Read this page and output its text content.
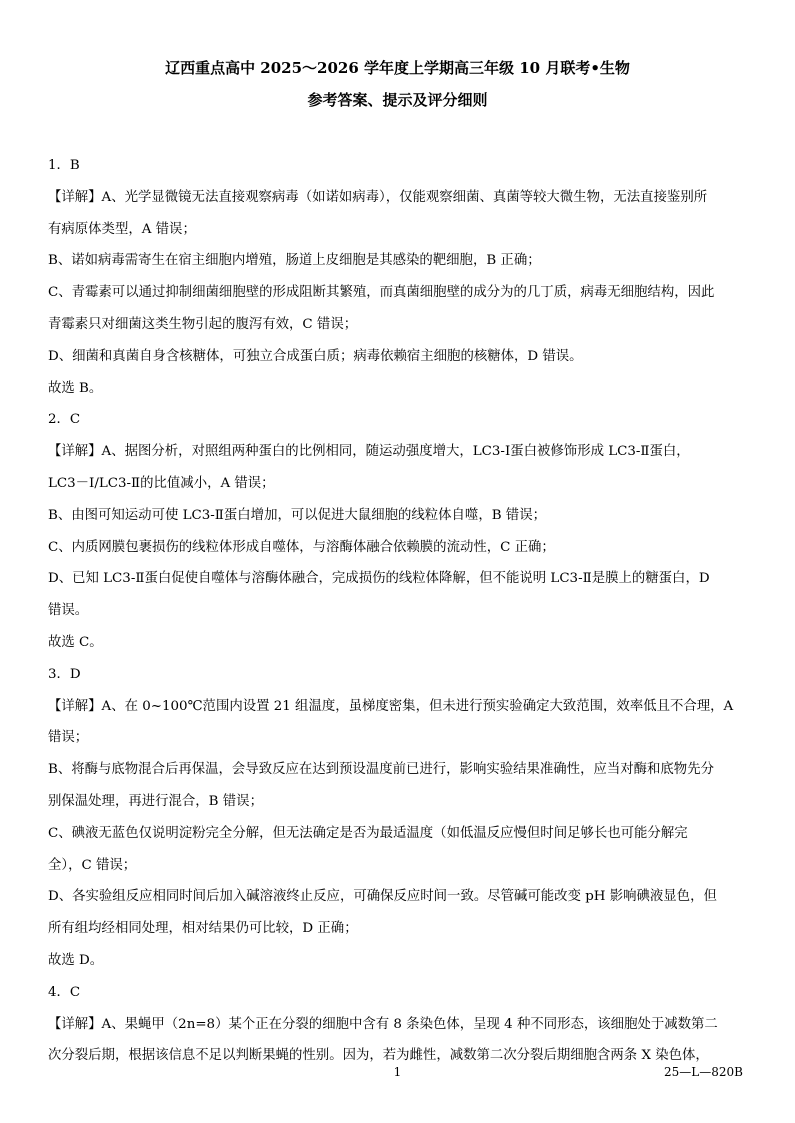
辽西重点高中 2025～2026 学年度上学期高三年级 10 月联考•生物
参考答案、提示及评分细则
1．B
【详解】A、光学显微镜无法直接观察病毒（如诺如病毒），仅能观察细菌、真菌等较大微生物，无法直接鉴别所
有病原体类型，A 错误；
B、诺如病毒需寄生在宿主细胞内增殖，肠道上皮细胞是其感染的靶细胞，B 正确；
C、青霉素可以通过抑制细菌细胞壁的形成阻断其繁殖，而真菌细胞壁的成分为的几丁质，病毒无细胞结构，因此
青霉素只对细菌这类生物引起的腹泻有效，C 错误；
D、细菌和真菌自身含核糖体，可独立合成蛋白质；病毒依赖宿主细胞的核糖体，D 错误。
故选 B。
2．C
【详解】A、据图分析，对照组两种蛋白的比例相同，随运动强度增大，LC3-Ⅰ蛋白被修饰形成 LC3-Ⅱ蛋白，
LC3－Ⅰ/LC3-Ⅱ的比值减小，A 错误；
B、由图可知运动可使 LC3-Ⅱ蛋白增加，可以促进大鼠细胞的线粒体自噬，B 错误；
C、内质网膜包裹损伤的线粒体形成自噬体，与溶酶体融合依赖膜的流动性，C 正确；
D、已知 LC3-Ⅱ蛋白促使自噬体与溶酶体融合，完成损伤的线粒体降解，但不能说明 LC3-Ⅱ是膜上的糖蛋白，D
错误。
故选 C。
3．D
【详解】A、在 0~100℃范围内设置 21 组温度，虽梯度密集，但未进行预实验确定大致范围，效率低且不合理，A
错误；
B、将酶与底物混合后再保温，会导致反应在达到预设温度前已进行，影响实验结果准确性，应当对酶和底物先分
别保温处理，再进行混合，B 错误；
C、碘液无蓝色仅说明淀粉完全分解，但无法确定是否为最适温度（如低温反应慢但时间足够长也可能分解完
全），C 错误；
D、各实验组反应相同时间后加入碱溶液终止反应，可确保反应时间一致。尽管碱可能改变 pH 影响碘液显色，但
所有组均经相同处理，相对结果仍可比较，D 正确；
故选 D。
4．C
【详解】A、果蝇甲（2n=8）某个正在分裂的细胞中含有 8 条染色体，呈现 4 种不同形态，该细胞处于减数第二
次分裂后期，根据该信息不足以判断果蝇的性别。因为，若为雌性，减数第二次分裂后期细胞含两条 X 染色体，
1	25—L—820B
